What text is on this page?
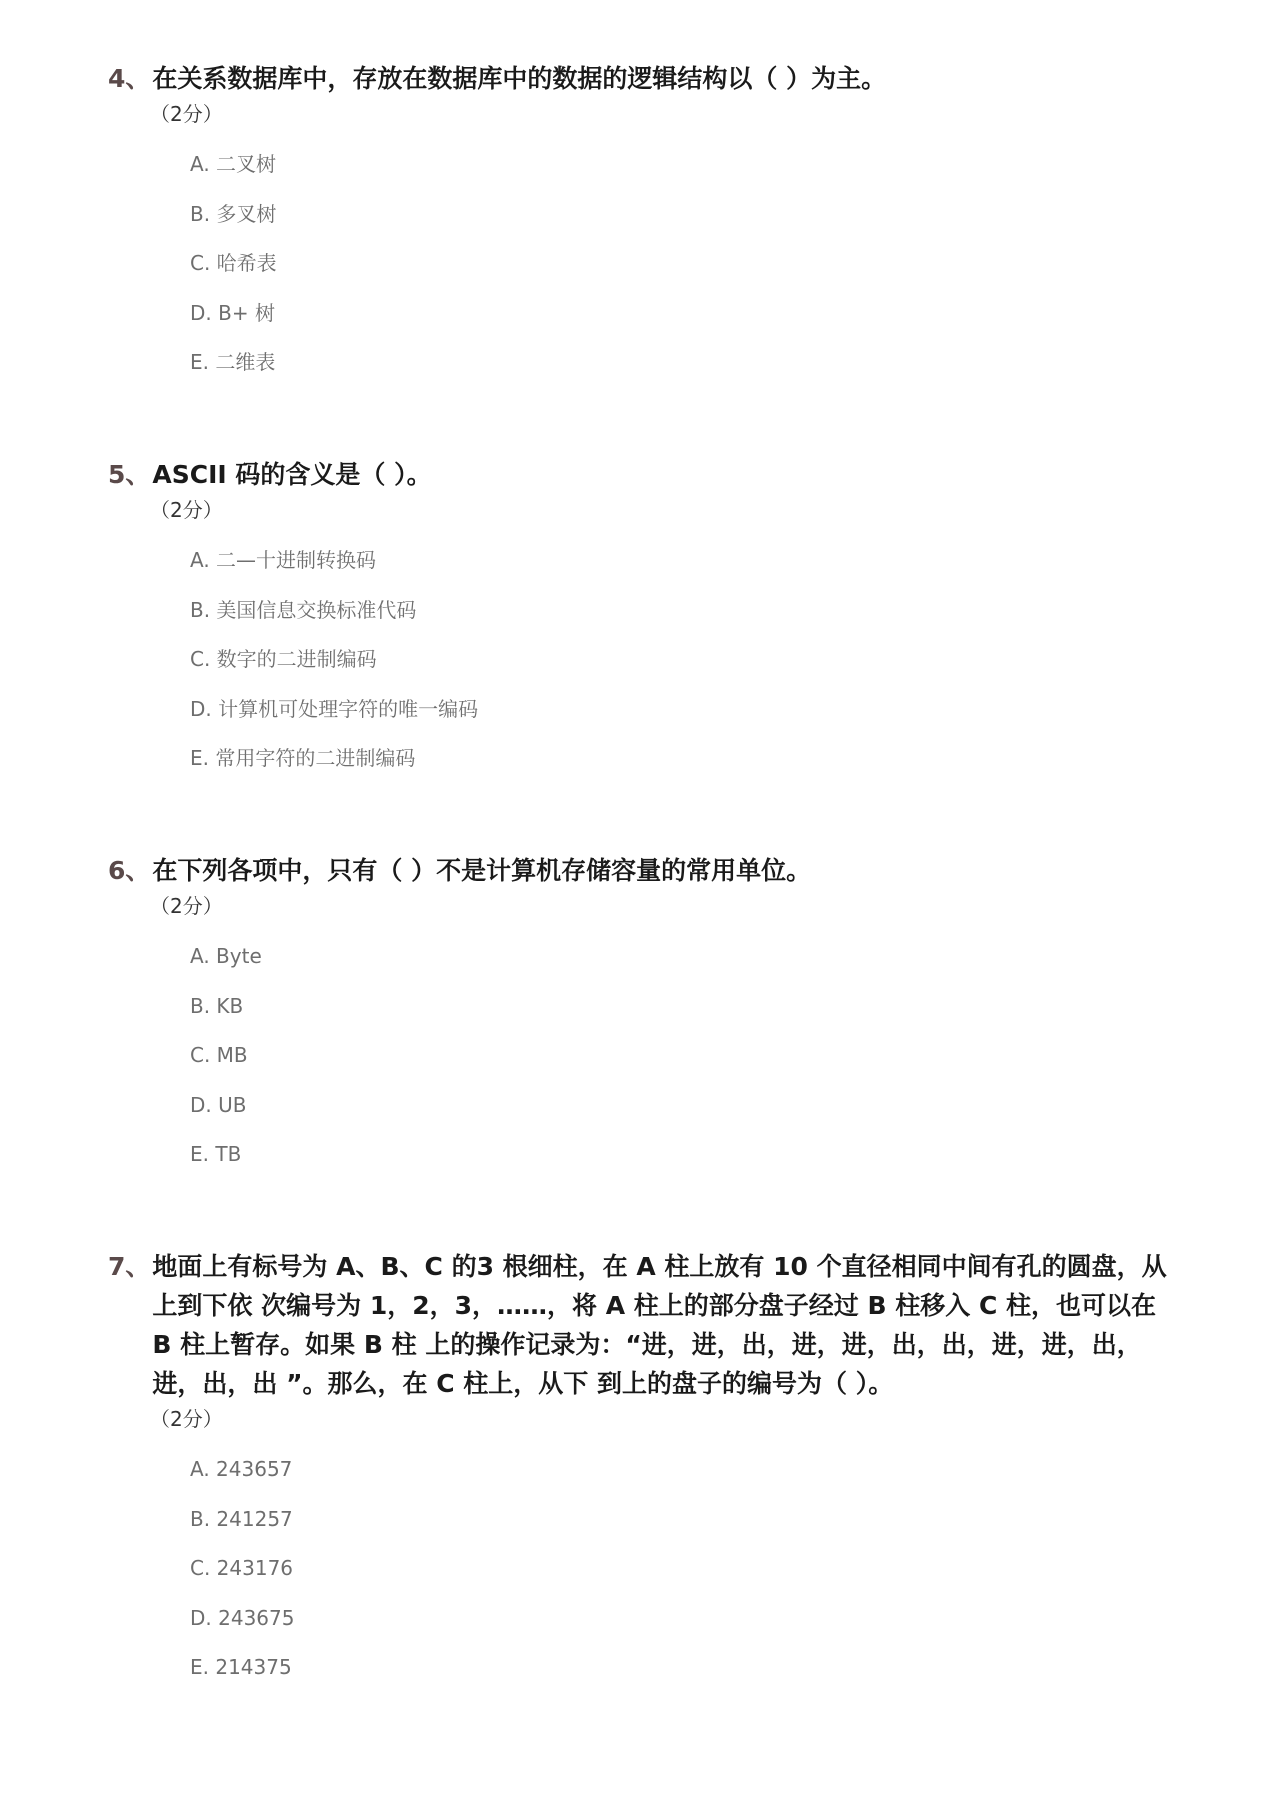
4 、 在关系数据库中，存放在数据库中的数据的逻辑结构以（ ）为主。
（2分）
A. 二叉树
B. 多叉树
C. 哈希表
D. B+ 树
E. 二维表
5 、 ASCII 码的含义是（ ）。
（2分）
A. 二—十进制转换码
B. 美国信息交换标准代码
C. 数字的二进制编码
D. 计算机可处理字符的唯一编码
E. 常用字符的二进制编码
6 、 在下列各项中，只有（ ）不是计算机存储容量的常用单位。
（2分）
A. Byte
B. KB
C. MB
D. UB
E. TB
7 、 地面上有标号为 A、B、C 的3 根细柱，在 A 柱上放有 10 个直径相同中间有孔的圆盘，从上到下依 次编号为 1，2，3，……，将 A 柱上的部分盘子经过 B 柱移入 C 柱，也可以在 B 柱上暂存。如果 B 柱 上的操作记录为：“进，进，出，进，进，出，出，进，进，出，进，出，出 ”。那么，在 C 柱上，从下 到上的盘子的编号为（ ）。
（2分）
A. 243657
B. 241257
C. 243176
D. 243675
E. 214375
